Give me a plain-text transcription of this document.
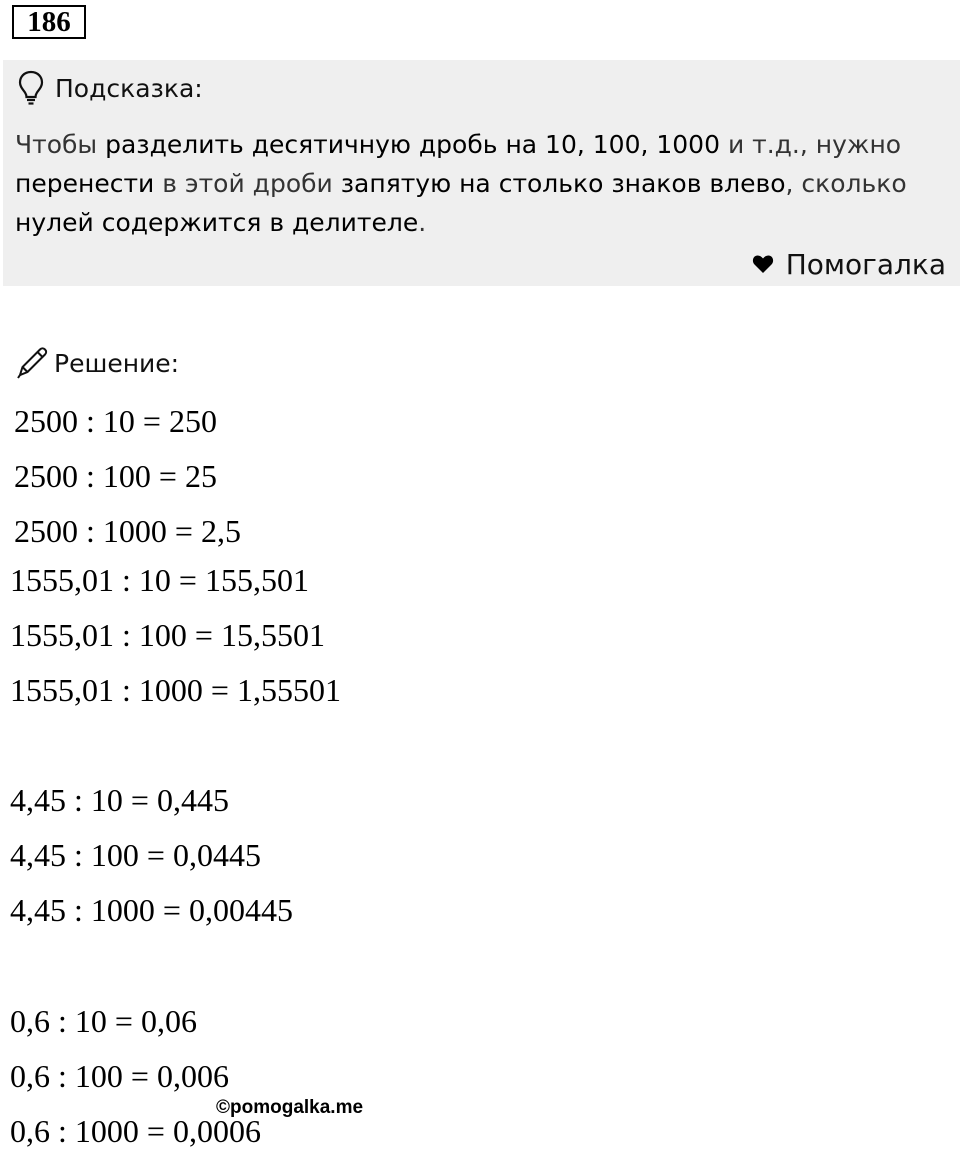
186
Подсказка:
Чтобы разделить десятичную дробь на 10, 100, 1000 и т.д., нужно перенести в этой дроби запятую на столько знаков влево, сколько нулей содержится в делителе.
Помогалка
Решение:
2500 : 10 = 250
2500 : 100 = 25
2500 : 1000 = 2,5
1555,01 : 10 = 155,501
1555,01 : 100 = 15,5501
1555,01 : 1000 = 1,55501
4,45 : 10 = 0,445
4,45 : 100 = 0,0445
4,45 : 1000 = 0,00445
0,6 : 10 = 0,06
0,6 : 100 = 0,006
0,6 : 1000 = 0,0006
©pomogalka.me
